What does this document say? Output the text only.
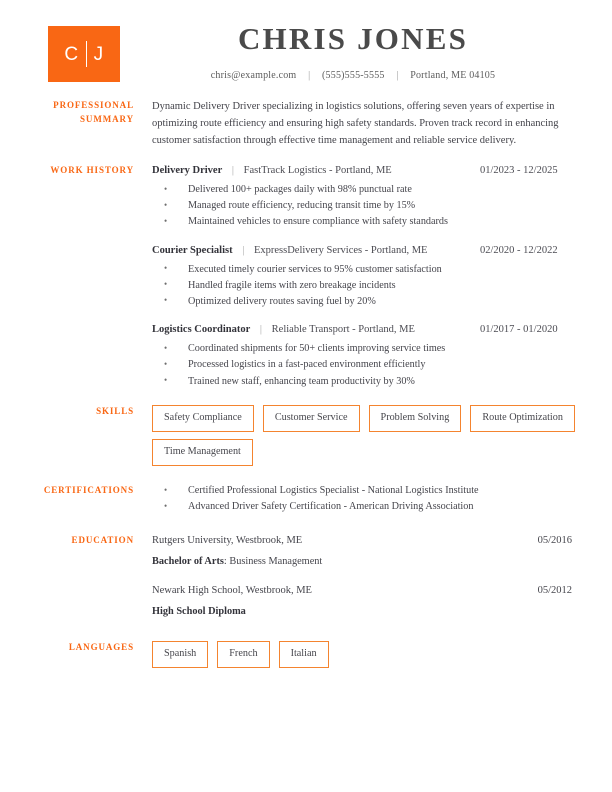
C J	CHRIS JONES
chris@example.com | (555)555-5555 | Portland, ME 04105
PROFESSIONAL
SUMMARY
Dynamic Delivery Driver specializing in logistics solutions, offering seven years of expertise in optimizing route efficiency and ensuring high safety standards. Proven track record in enhancing customer satisfaction through effective time management and reliable service delivery.
WORK HISTORY	Delivery Driver | FastTrack Logistics - Portland, ME	01/2023 - 12/2025
• Delivered 100+ packages daily with 98% punctual rate
• Managed route efficiency, reducing transit time by 15%
• Maintained vehicles to ensure compliance with safety standards
Courier Specialist | ExpressDelivery Services - Portland, ME	02/2020 - 12/2022
• Executed timely courier services to 95% customer satisfaction
• Handled fragile items with zero breakage incidents
• Optimized delivery routes saving fuel by 20%
Logistics Coordinator | Reliable Transport - Portland, ME	01/2017 - 01/2020
• Coordinated shipments for 50+ clients improving service times
• Processed logistics in a fast-paced environment efficiently
• Trained new staff, enhancing team productivity by 30%
SKILLS
Safety Compliance	Customer Service	Problem Solving	Route Optimization
Time Management
CERTIFICATIONS	• Certified Professional Logistics Specialist - National Logistics Institute
• Advanced Driver Safety Certification - American Driving Association
EDUCATION	Rutgers University, Westbrook, ME	05/2016
Bachelor of Arts: Business Management
Newark High School, Westbrook, ME	05/2012
High School Diploma
LANGUAGES
Spanish	French	Italian
